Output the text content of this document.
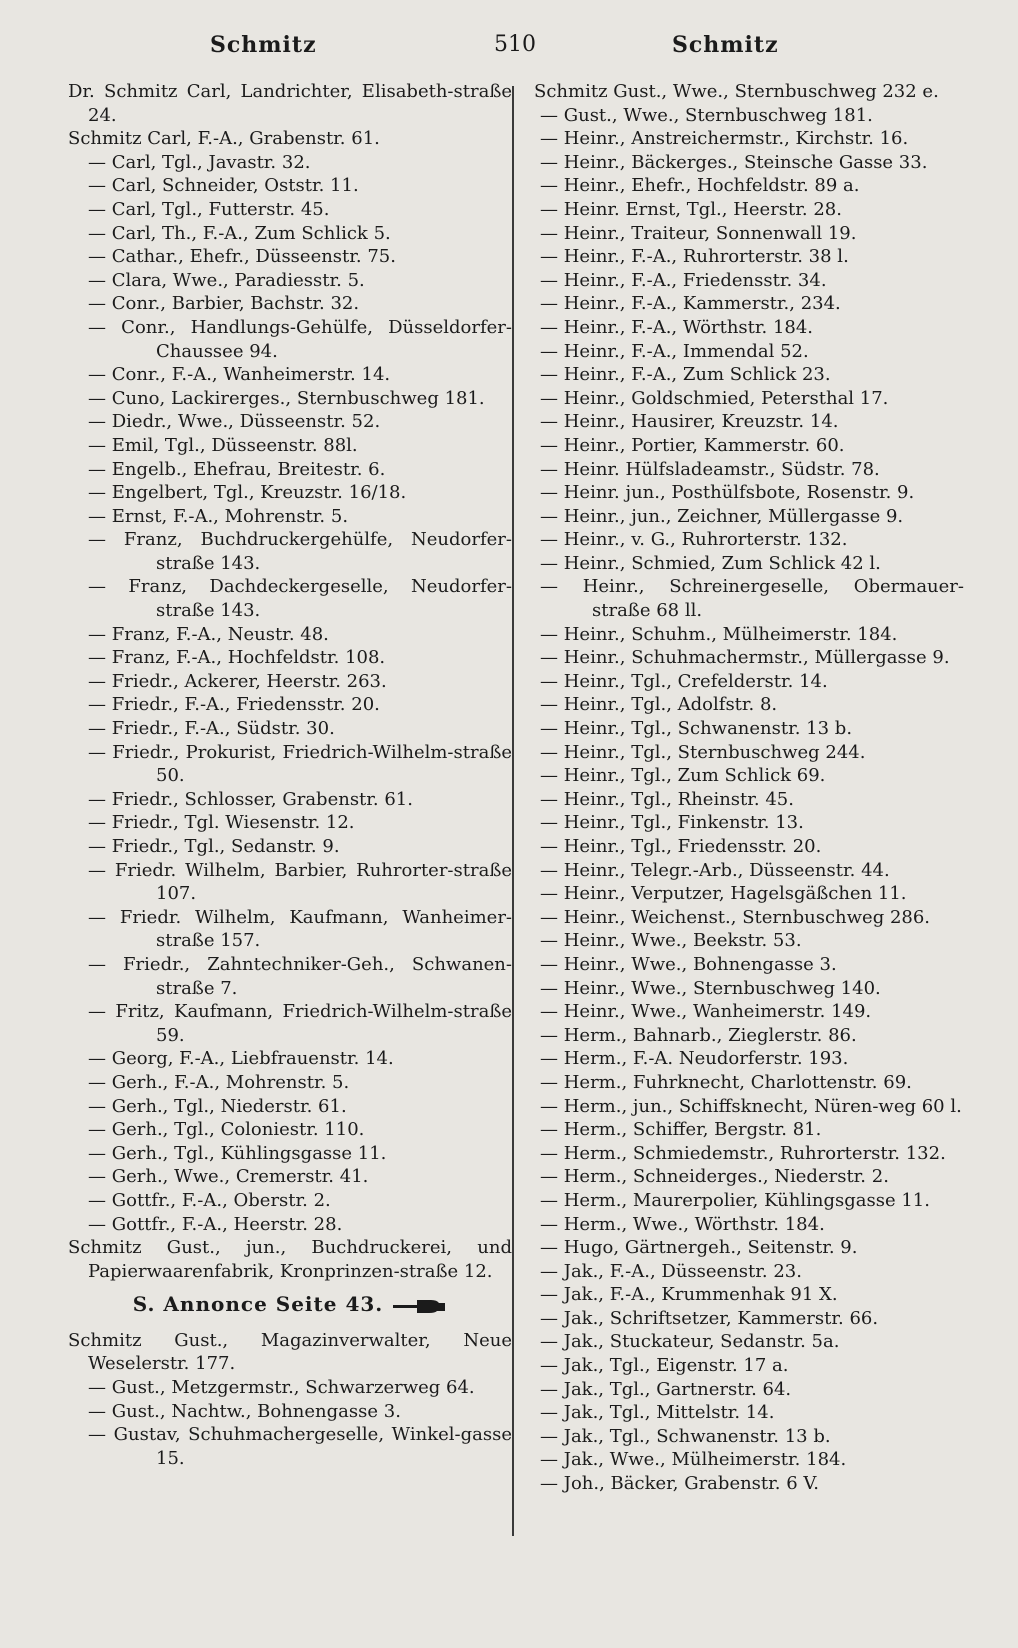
Schmitz	510	Schmitz
Dr. Schmitz Carl, Landrichter, Elisabeth-straße 24.
Schmitz Carl, F.-A., Grabenstr. 61.
— Carl, Tgl., Javastr. 32.
— Carl, Schneider, Oststr. 11.
— Carl, Tgl., Futterstr. 45.
— Carl, Th., F.-A., Zum Schlick 5.
— Cathar., Ehefr., Düsseenstr. 75.
— Clara, Wwe., Paradiesstr. 5.
— Conr., Barbier, Bachstr. 32.
— Conr., Handlungs-Gehülfe, Düsseldorfer-Chaussee 94.
— Conr., F.-A., Wanheimerstr. 14.
— Cuno, Lackirerges., Sternbuschweg 181.
— Diedr., Wwe., Düsseenstr. 52.
— Emil, Tgl., Düsseenstr. 88l.
— Engelb., Ehefrau, Breitestr. 6.
— Engelbert, Tgl., Kreuzstr. 16/18.
— Ernst, F.-A., Mohrenstr. 5.
— Franz, Buchdruckergehülfe, Neudorfer-straße 143.
— Franz, Dachdeckergeselle, Neudorfer-straße 143.
— Franz, F.-A., Neustr. 48.
— Franz, F.-A., Hochfeldstr. 108.
— Friedr., Ackerer, Heerstr. 263.
— Friedr., F.-A., Friedensstr. 20.
— Friedr., F.-A., Südstr. 30.
— Friedr., Prokurist, Friedrich-Wilhelm-straße 50.
— Friedr., Schlosser, Grabenstr. 61.
— Friedr., Tgl. Wiesenstr. 12.
— Friedr., Tgl., Sedanstr. 9.
— Friedr. Wilhelm, Barbier, Ruhrorter-straße 107.
— Friedr. Wilhelm, Kaufmann, Wanheimer-straße 157.
— Friedr., Zahntechniker-Geh., Schwanen-straße 7.
— Fritz, Kaufmann, Friedrich-Wilhelm-straße 59.
— Georg, F.-A., Liebfrauenstr. 14.
— Gerh., F.-A., Mohrenstr. 5.
— Gerh., Tgl., Niederstr. 61.
— Gerh., Tgl., Coloniestr. 110.
— Gerh., Tgl., Kühlingsgasse 11.
— Gerh., Wwe., Cremerstr. 41.
— Gottfr., F.-A., Oberstr. 2.
— Gottfr., F.-A., Heerstr. 28.
Schmitz Gust., jun., Buchdruckerei, und Papierwaarenfabrik, Kronprinzen-straße 12.
S. Annonce Seite 43.
Schmitz Gust., Magazinverwalter, Neue Weselerstr. 177.
— Gust., Metzgermstr., Schwarzerweg 64.
— Gust., Nachtw., Bohnengasse 3.
— Gustav, Schuhmachergeselle, Winkel-gasse 15.
Schmitz Gust., Wwe., Sternbuschweg 232 e.
— Gust., Wwe., Sternbuschweg 181.
— Heinr., Anstreichermstr., Kirchstr. 16.
— Heinr., Bäckerges., Steinsche Gasse 33.
— Heinr., Ehefr., Hochfeldstr. 89 a.
— Heinr. Ernst, Tgl., Heerstr. 28.
— Heinr., Traiteur, Sonnenwall 19.
— Heinr., F.-A., Ruhrorterstr. 38 l.
— Heinr., F.-A., Friedensstr. 34.
— Heinr., F.-A., Kammerstr., 234.
— Heinr., F.-A., Wörthstr. 184.
— Heinr., F.-A., Immendal 52.
— Heinr., F.-A., Zum Schlick 23.
— Heinr., Goldschmied, Petersthal 17.
— Heinr., Hausirer, Kreuzstr. 14.
— Heinr., Portier, Kammerstr. 60.
— Heinr. Hülfsladeamstr., Südstr. 78.
— Heinr. jun., Posthülfsbote, Rosenstr. 9.
— Heinr., jun., Zeichner, Müllergasse 9.
— Heinr., v. G., Ruhrorterstr. 132.
— Heinr., Schmied, Zum Schlick 42 l.
— Heinr., Schreinergeselle, Obermauer-straße 68 ll.
— Heinr., Schuhm., Mülheimerstr. 184.
— Heinr., Schuhmachermstr., Müllergasse 9.
— Heinr., Tgl., Crefelderstr. 14.
— Heinr., Tgl., Adolfstr. 8.
— Heinr., Tgl., Schwanenstr. 13 b.
— Heinr., Tgl., Sternbuschweg 244.
— Heinr., Tgl., Zum Schlick 69.
— Heinr., Tgl., Rheinstr. 45.
— Heinr., Tgl., Finkenstr. 13.
— Heinr., Tgl., Friedensstr. 20.
— Heinr., Telegr.-Arb., Düsseenstr. 44.
— Heinr., Verputzer, Hagelsgäßchen 11.
— Heinr., Weichenst., Sternbuschweg 286.
— Heinr., Wwe., Beekstr. 53.
— Heinr., Wwe., Bohnengasse 3.
— Heinr., Wwe., Sternbuschweg 140.
— Heinr., Wwe., Wanheimerstr. 149.
— Herm., Bahnarb., Zieglerstr. 86.
— Herm., F.-A. Neudorferstr. 193.
— Herm., Fuhrknecht, Charlottenstr. 69.
— Herm., jun., Schiffsknecht, Nüren-weg 60 l.
— Herm., Schiffer, Bergstr. 81.
— Herm., Schmiedemstr., Ruhrorterstr. 132.
— Herm., Schneiderges., Niederstr. 2.
— Herm., Maurerpolier, Kühlingsgasse 11.
— Herm., Wwe., Wörthstr. 184.
— Hugo, Gärtnergeh., Seitenstr. 9.
— Jak., F.-A., Düsseenstr. 23.
— Jak., F.-A., Krummenhak 91 X.
— Jak., Schriftsetzer, Kammerstr. 66.
— Jak., Stuckateur, Sedanstr. 5a.
— Jak., Tgl., Eigenstr. 17 a.
— Jak., Tgl., Gartnerstr. 64.
— Jak., Tgl., Mittelstr. 14.
— Jak., Tgl., Schwanenstr. 13 b.
— Jak., Wwe., Mülheimerstr. 184.
— Joh., Bäcker, Grabenstr. 6 V.
